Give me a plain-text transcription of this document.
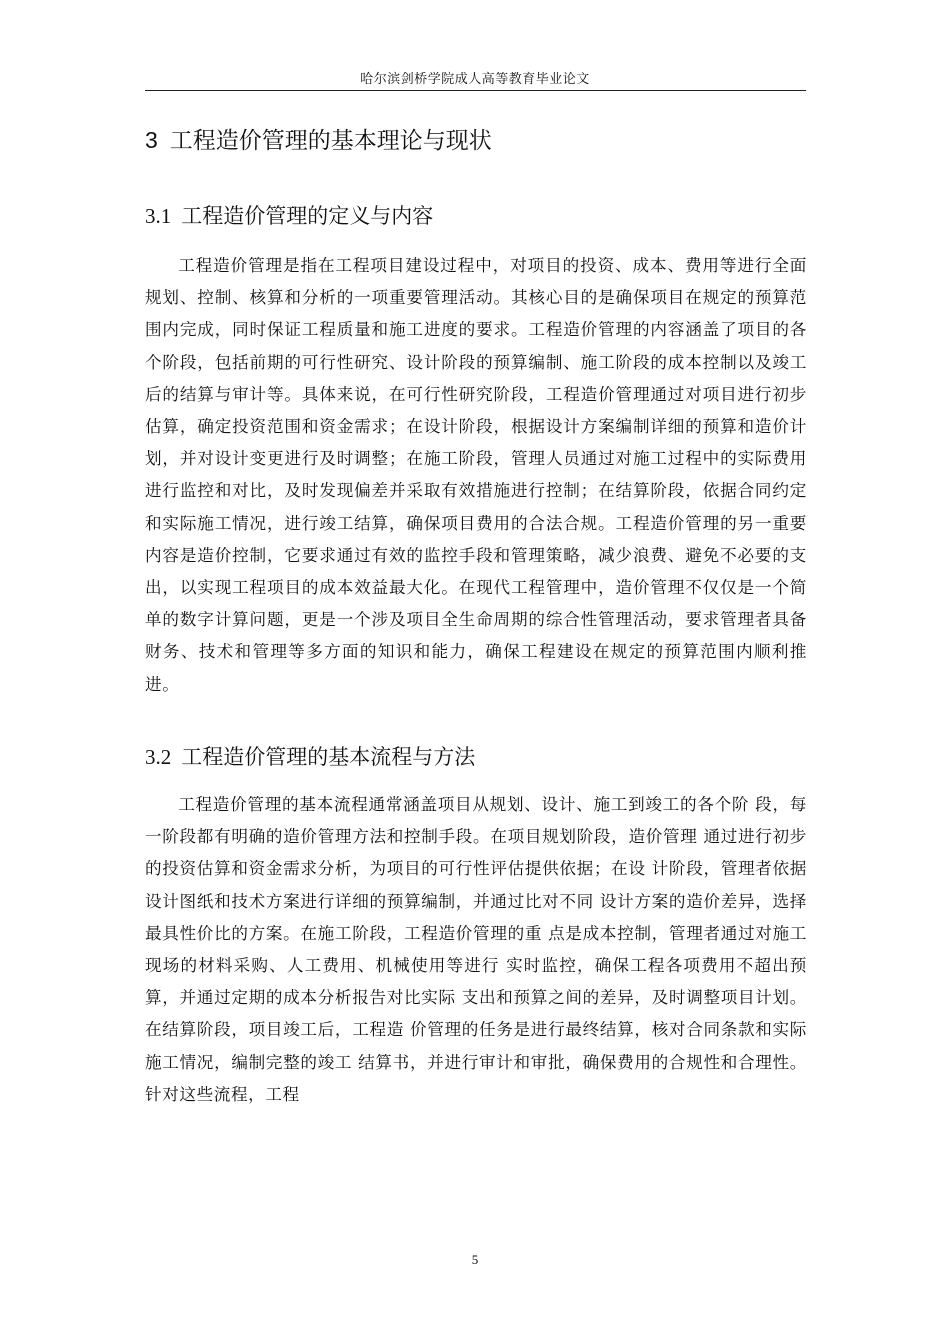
哈尔滨剑桥学院成人高等教育毕业论文
3 工程造价管理的基本理论与现状
3.1 工程造价管理的定义与内容

工程造价管理是指在工程项目建设过程中，对项目的投资、成本、费用等进行全面规划、控制、核算和分析的一项重要管理活动。其核心目的是确保项目在规定的预算范围内完成，同时保证工程质量和施工进度的要求。工程造价管理的内容涵盖了项目的各个阶段，包括前期的可行性研究、设计阶段的预算编制、施工阶段的成本控制以及竣工后的结算与审计等。具体来说，在可行性研究阶段，工程造价管理通过对项目进行初步估算，确定投资范围和资金需求；在设计阶段，根据设计方案编制详细的预算和造价计划，并对设计变更进行及时调整；在施工阶段，管理人员通过对施工过程中的实际费用进行监控和对比，及时发现偏差并采取有效措施进行控制；在结算阶段，依据合同约定和实际施工情况，进行竣工结算，确保项目费用的合法合规。工程造价管理的另一重要内容是造价控制，它要求通过有效的监控手段和管理策略，减少浪费、避免不必要的支出，以实现工程项目的成本效益最大化。在现代工程管理中，造价管理不仅仅是一个简单的数字计算问题，更是一个涉及项目全生命周期的综合性管理活动，要求管理者具备财务、技术和管理等多方面的知识和能力，确保工程建设在规定的预算范围内顺利推进。

3.2 工程造价管理的基本流程与方法

工程造价管理的基本流程通常涵盖项目从规划、设计、施工到竣工的各个阶 段，每一阶段都有明确的造价管理方法和控制手段。在项目规划阶段，造价管理 通过进行初步的投资估算和资金需求分析，为项目的可行性评估提供依据；在设 计阶段，管理者依据设计图纸和技术方案进行详细的预算编制，并通过比对不同 设计方案的造价差异，选择最具性价比的方案。在施工阶段，工程造价管理的重 点是成本控制，管理者通过对施工现场的材料采购、人工费用、机械使用等进行 实时监控，确保工程各项费用不超出预算，并通过定期的成本分析报告对比实际 支出和预算之间的差异，及时调整项目计划。在结算阶段，项目竣工后，工程造 价管理的任务是进行最终结算，核对合同条款和实际施工情况，编制完整的竣工 结算书，并进行审计和审批，确保费用的合规性和合理性。针对这些流程，工程

5
